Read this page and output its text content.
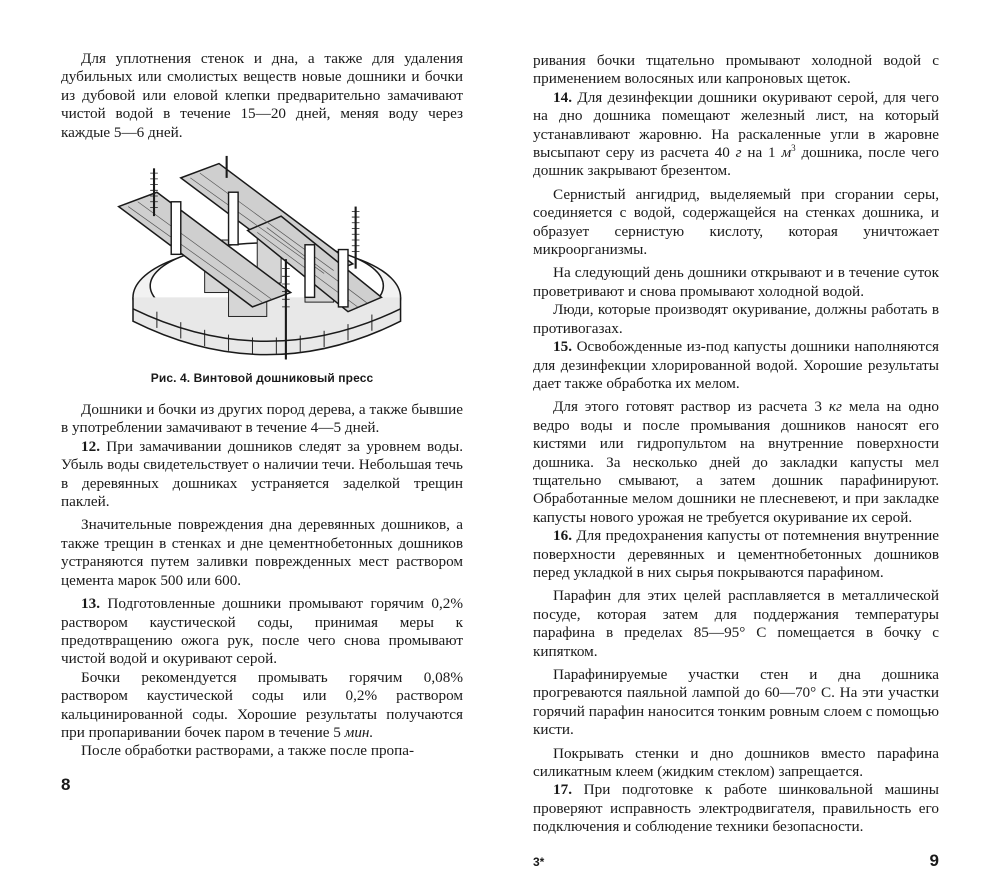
Для уплотнения стенок и дна, а также для удаления дубильных или смолистых веществ новые дошники и бочки из дубовой или еловой клепки предварительно замачивают чистой водой в течение 15—20 дней, меняя воду через каждые 5—6 дней.

Рис. 4. Винтовой дошниковый пресс

Дошники и бочки из других пород дерева, а также бывшие в употреблении замачивают в течение 4—5 дней.

12. При замачивании дошников следят за уровнем воды. Убыль воды свидетельствует о наличии течи. Небольшая течь в деревянных дошниках устраняется заделкой трещин паклей.

Значительные повреждения дна деревянных дошников, а также трещин в стенках и дне цементнобетонных дошников устраняются путем заливки поврежденных мест раствором цемента марок 500 или 600.

13. Подготовленные дошники промывают горячим 0,2% раствором каустической соды, принимая меры к предотвращению ожога рук, после чего снова промывают чистой водой и окуривают серой.

Бочки рекомендуется промывать горячим 0,08% раствором каустической соды или 0,2% раствором кальцинированной соды. Хорошие результаты получаются при пропаривании бочек паром в течение 5 мин.

После обработки растворами, а также после пропа-

8

ривания бочки тщательно промывают холодной водой с применением волосяных или капроновых щеток.

14. Для дезинфекции дошники окуривают серой, для чего на дно дошника помещают железный лист, на который устанавливают жаровню. На раскаленные угли в жаровне высыпают серу из расчета 40 г на 1 $м^3$ дошника, после чего дошник закрывают брезентом.

Сернистый ангидрид, выделяемый при сгорании серы, соединяется с водой, содержащейся на стенках дошника, и образует сернистую кислоту, которая уничтожает микроорганизмы.

На следующий день дошники открывают и в течение суток проветривают и снова промывают холодной водой.

Люди, которые производят окуривание, должны работать в противогазах.

15. Освобожденные из-под капусты дошники наполняются для дезинфекции хлорированной водой. Хорошие результаты дает также обработка их мелом.

Для этого готовят раствор из расчета 3 кг мела на одно ведро воды и после промывания дошников наносят его кистями или гидропультом на внутренние поверхности дошника. За несколько дней до закладки капусты мел тщательно смывают, а затем дошник парафинируют. Обработанные мелом дошники не плесневеют, и при закладке капусты нового урожая не требуется окуривание их серой.

16. Для предохранения капусты от потемнения внутренние поверхности деревянных и цементнобетонных дошников перед укладкой в них сырья покрываются парафином.

Парафин для этих целей расплавляется в металлической посуде, которая затем для поддержания температуры парафина в пределах 85—95° С помещается в бочку с кипятком.

Парафинируемые участки стен и дна дошника прогреваются паяльной лампой до 60—70° С. На эти участки горячий парафин наносится тонким ровным слоем с помощью кисти.

Покрывать стенки и дно дошников вместо парафина силикатным клеем (жидким стеклом) запрещается.

17. При подготовке к работе шинковальной машины проверяют исправность электродвигателя, правильность его подключения и соблюдение техники безопасности.

3*	9
